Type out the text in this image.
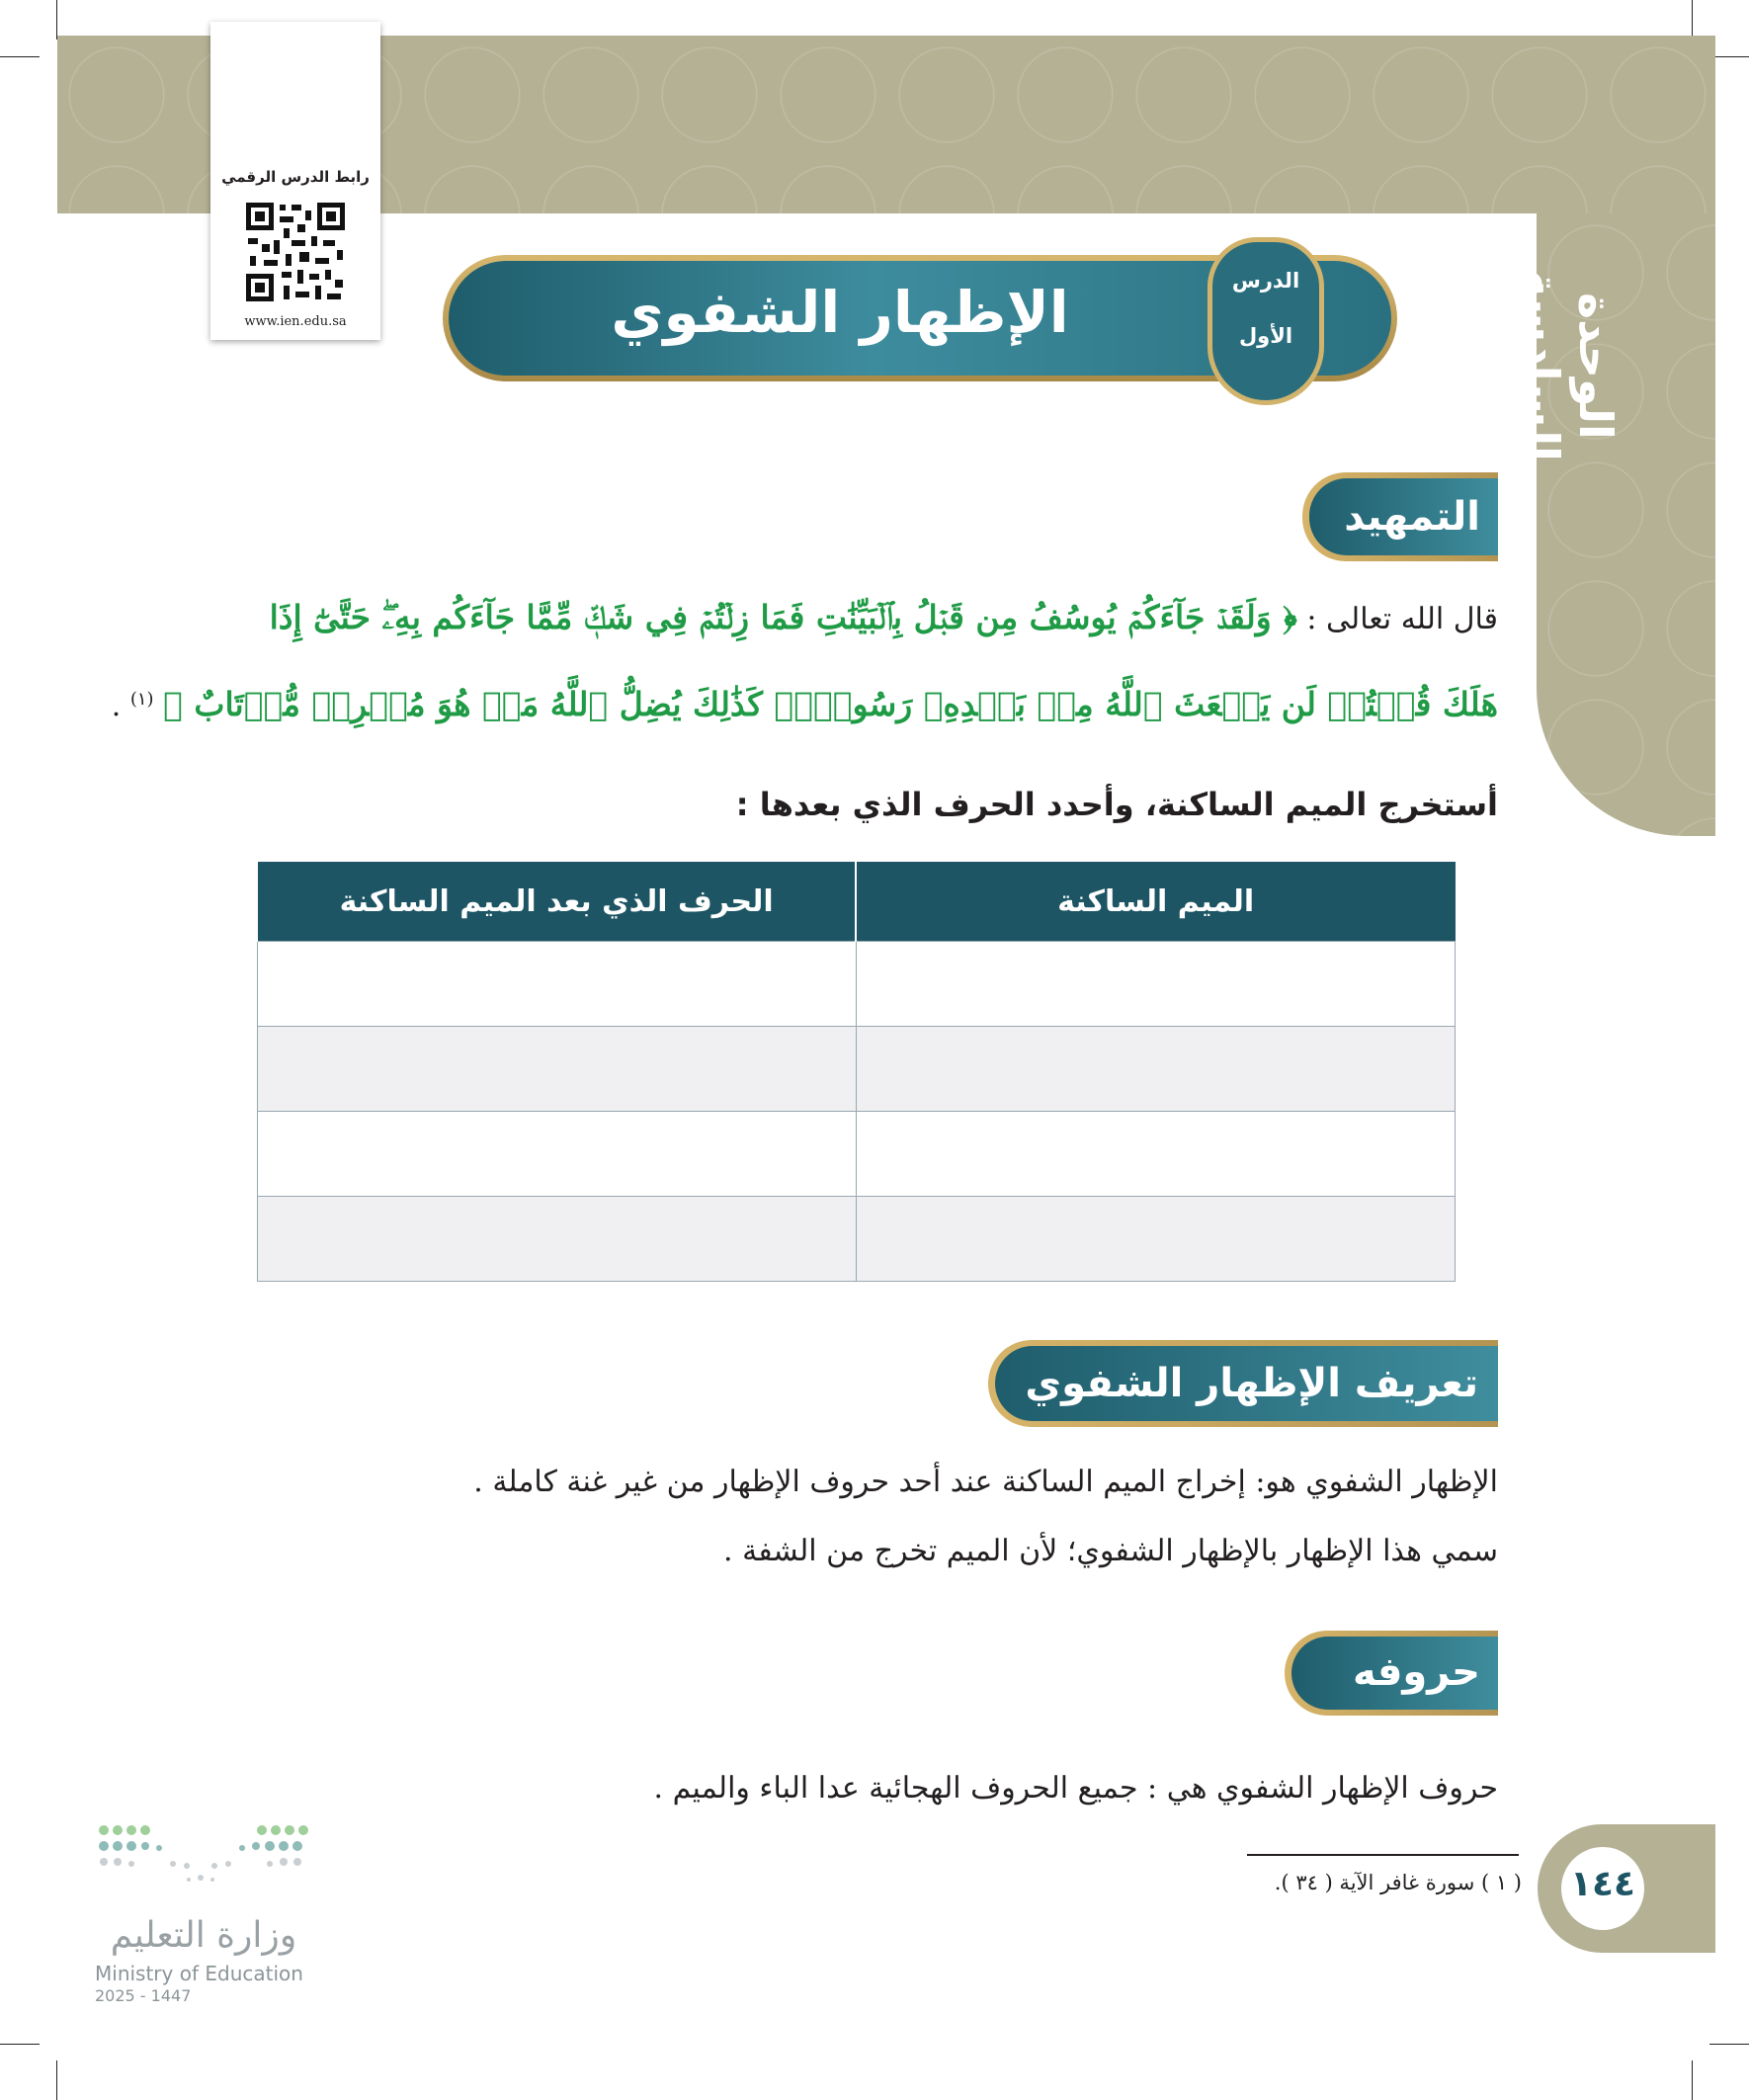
الوحدة السادسة
رابط الدرس الرقمي
www.ien.edu.sa	الإظهار الشفوي	الدرس
الأول
التمهيد
قال الله تعالى : ﴿ وَلَقَدۡ جَآءَكُمۡ يُوسُفُ مِن قَبۡلُ بِٱلۡبَيِّنَٰتِ فَمَا زِلۡتُمۡ فِي شَكّٖ مِّمَّا جَآءَكُم بِهِۦۖ حَتَّىٰٓ إِذَا
هَلَكَ قُلۡتُمۡ لَن يَبۡعَثَ ٱللَّهُ مِنۢ بَعۡدِهِۦ رَسُولٗاۚ كَذَٰلِكَ يُضِلُّ ٱللَّهُ مَنۡ هُوَ مُسۡرِفٞ مُّرۡتَابٌ ﴾ $^{(١)}$ .
أستخرج الميم الساكنة، وأحدد الحرف الذي بعدها :
الميم الساكنة	الحرف الذي بعد الميم الساكنة

تعريف الإظهار الشفوي
الإظهار الشفوي هو: إخراج الميم الساكنة عند أحد حروف الإظهار من غير غنة كاملة .
سمي هذا الإظهار بالإظهار الشفوي؛ لأن الميم تخرج من الشفة .
حروفه
حروف الإظهار الشفوي هي : جميع الحروف الهجائية عدا الباء والميم .
( ١ ) سورة غافر الآية ( ٣٤ ).	١٤٤
وزارة التعليم
Ministry of Education
2025 - 1447
